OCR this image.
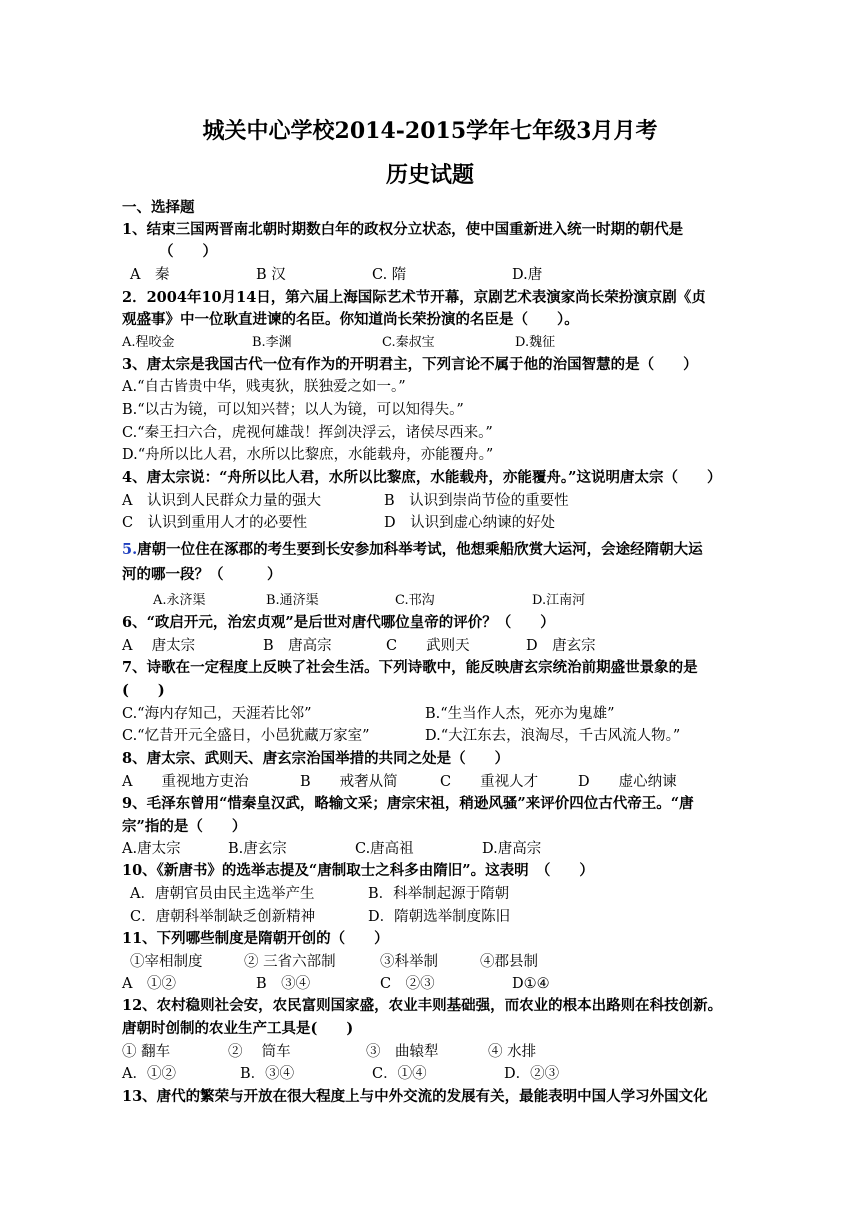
城关中心学校2014-2015学年七年级3月月考
历史试题
一、选择题
1、结束三国两晋南北朝时期数白年的政权分立状态，使中国重新进入统一时期的朝代是
（　　）
A　秦	B 汉	C. 隋	D.唐
2．2004年10月14日，第六届上海国际艺术节开幕，京剧艺术表演家尚长荣扮演京剧《贞
观盛事》中一位耿直进谏的名臣。你知道尚长荣扮演的名臣是（　　）。
A.程咬金	B.李渊	C.秦叔宝	D.魏征
3、唐太宗是我国古代一位有作为的开明君主，下列言论不属于他的治国智慧的是（　　）
A.“自古皆贵中华，贱夷狄，朕独爱之如一。”
B.“以古为镜，可以知兴替；以人为镜，可以知得失。”
C.“秦王扫六合，虎视何雄哉！挥剑决浮云，诸侯尽西来。”
D.“舟所以比人君，水所以比黎庶，水能载舟，亦能覆舟。”
4、唐太宗说：“舟所以比人君，水所以比黎庶，水能载舟，亦能覆舟。”这说明唐太宗（　　）
A　认识到人民群众力量的强大	B　认识到崇尚节俭的重要性
C　认识到重用人才的必要性	D　认识到虚心纳谏的好处
5.唐朝一位住在涿郡的考生要到长安参加科举考试，他想乘船欣赏大运河，会途经隋朝大运
河的哪一段？（　　　）
A.永济渠	B.通济渠	C.邗沟	D.江南河
6、“政启开元，治宏贞观”是后世对唐代哪位皇帝的评价？（　　）
A　 唐太宗	B　唐高宗	C　　武则天	D　唐玄宗
7、诗歌在一定程度上反映了社会生活。下列诗歌中，能反映唐玄宗统治前期盛世景象的是
(　　)
C.“海内存知己，天涯若比邻”	B.“生当作人杰，死亦为鬼雄”
C.“忆昔开元全盛日，小邑犹藏万家室”	D.“大江东去，浪淘尽，千古风流人物。”
8、唐太宗、武则天、唐玄宗治国举措的共同之处是（　　）
A　　重视地方吏治	B　　戒奢从简	C　　重视人才	D　　虚心纳谏
9、毛泽东曾用“惜秦皇汉武，略输文采；唐宗宋祖，稍逊风骚”来评价四位古代帝王。“唐
宗”指的是（　　）
A.唐太宗	B.唐玄宗	C.唐高祖	D.唐高宗
10、《新唐书》的选举志提及“唐制取士之科多由隋旧”。这表明　（　　）
A．唐朝官员由民主选举产生	B．科举制起源于隋朝
C．唐朝科举制缺乏创新精神	D．隋朝选举制度陈旧
11、下列哪些制度是隋朝开创的（　　）
①宰相制度	② 三省六部制	③科举制	④郡县制
A　①②	B　③④	C　②③	D①④
12、农村稳则社会安，农民富则国家盛，农业丰则基础强，而农业的根本出路则在科技创新。
唐朝时创制的农业生产工具是(　　)
① 翻车	②　 筒车	③　曲辕犁	④ 水排
A．①②	B．③④	C．①④	D．②③
13、唐代的繁荣与开放在很大程度上与中外交流的发展有关，最能表明中国人学习外国文化
